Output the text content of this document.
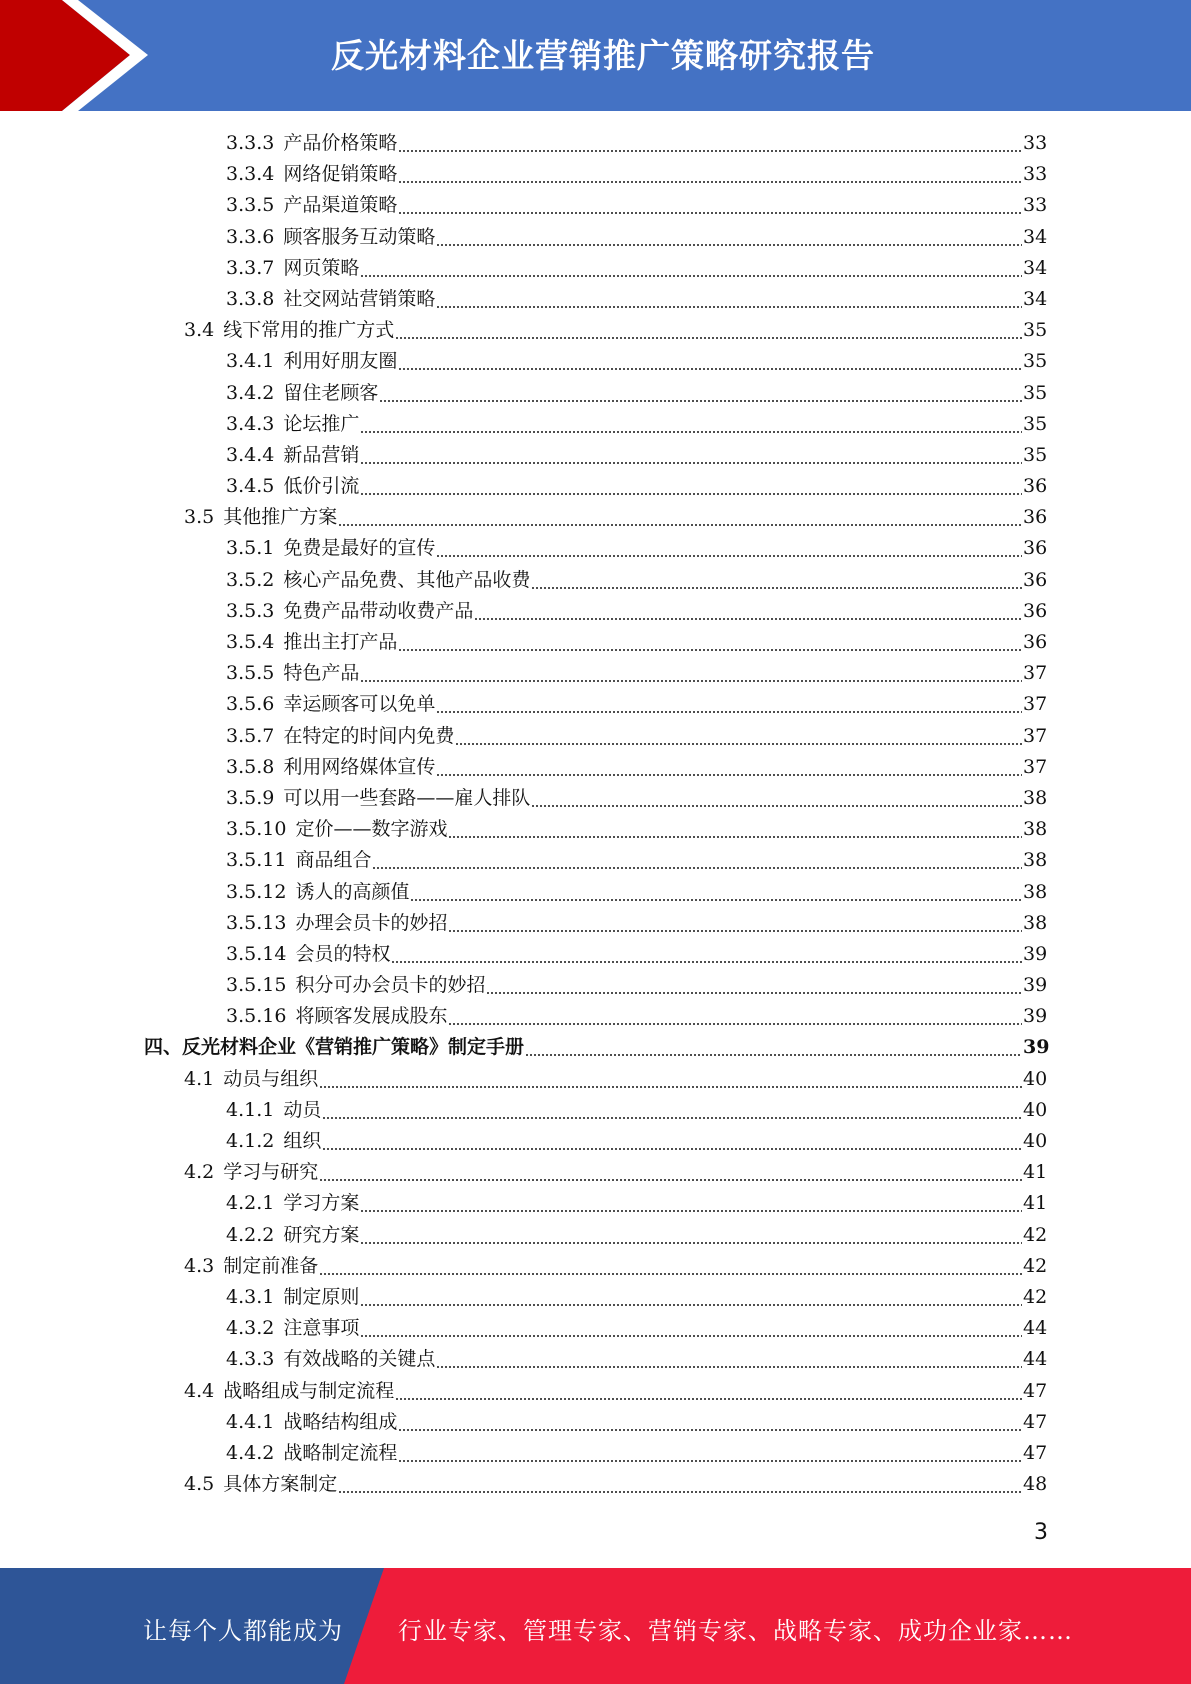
反光材料企业营销推广策略研究报告
3.3.3 产品价格策略	33
3.3.4 网络促销策略	33
3.3.5 产品渠道策略	33
3.3.6 顾客服务互动策略	34
3.3.7 网页策略	34
3.3.8 社交网站营销策略	34
3.4 线下常用的推广方式	35
3.4.1 利用好朋友圈	35
3.4.2 留住老顾客	35
3.4.3 论坛推广	35
3.4.4 新品营销	35
3.4.5 低价引流	36
3.5 其他推广方案	36
3.5.1 免费是最好的宣传	36
3.5.2 核心产品免费、其他产品收费	36
3.5.3 免费产品带动收费产品	36
3.5.4 推出主打产品	36
3.5.5 特色产品	37
3.5.6 幸运顾客可以免单	37
3.5.7 在特定的时间内免费	37
3.5.8 利用网络媒体宣传	37
3.5.9 可以用一些套路——雇人排队	38
3.5.10 定价——数字游戏	38
3.5.11 商品组合	38
3.5.12 诱人的高颜值	38
3.5.13 办理会员卡的妙招	38
3.5.14 会员的特权	39
3.5.15 积分可办会员卡的妙招	39
3.5.16 将顾客发展成股东	39
四、反光材料企业《营销推广策略》制定手册	39
4.1 动员与组织	40
4.1.1 动员	40
4.1.2 组织	40
4.2 学习与研究	41
4.2.1 学习方案	41
4.2.2 研究方案	42
4.3 制定前准备	42
4.3.1 制定原则	42
4.3.2 注意事项	44
4.3.3 有效战略的关键点	44
4.4 战略组成与制定流程	47
4.4.1 战略结构组成	47
4.4.2 战略制定流程	47
4.5 具体方案制定	48
3
让每个人都能成为 行业专家、管理专家、营销专家、战略专家、成功企业家……
